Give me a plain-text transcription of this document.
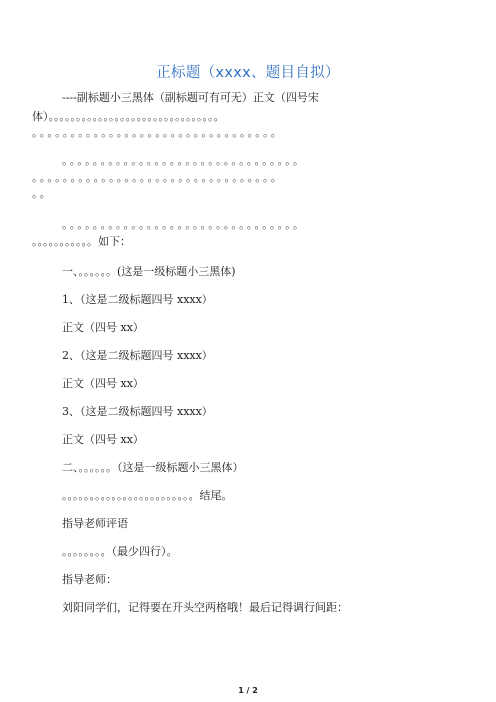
正标题（xxxx、题目自拟）
----副标题小三黑体（副标题可有可无）正文（四号宋
体）。。。。。。。。。。。。。。。。。。。。。。。。。。。。。。。
。。。。。。。。。。。。。。。。。。。。。。。。。。。。。。。。
。。。。。。。。。。。。。。。。。。。。。。。。。。。。。。。
。。。。。。。。。。。。。。。。。。。。。。。。。。。。。。。。
。。
。。。。。。。。。。。。。。。。。。。。。。。。。。。。。。。
。。。。。。。。。。。如下：
一、。。。。。。(这是一级标题小三黑体)
1、（这是二级标题四号 xxxx）
正文（四号 xx）
2、（这是二级标题四号 xxxx）
正文（四号 xx）
3、（这是二级标题四号 xxxx）
正文（四号 xx）
二、。。。。。。（这是一级标题小三黑体）
。。。。。。。。。。。。。。。。。。。。。。。。结尾。
指导老师评语
。。。。。。。。（最少四行）。
指导老师：
刘阳同学们，记得要在开头空两格哦！最后记得调行间距：
1 / 2
